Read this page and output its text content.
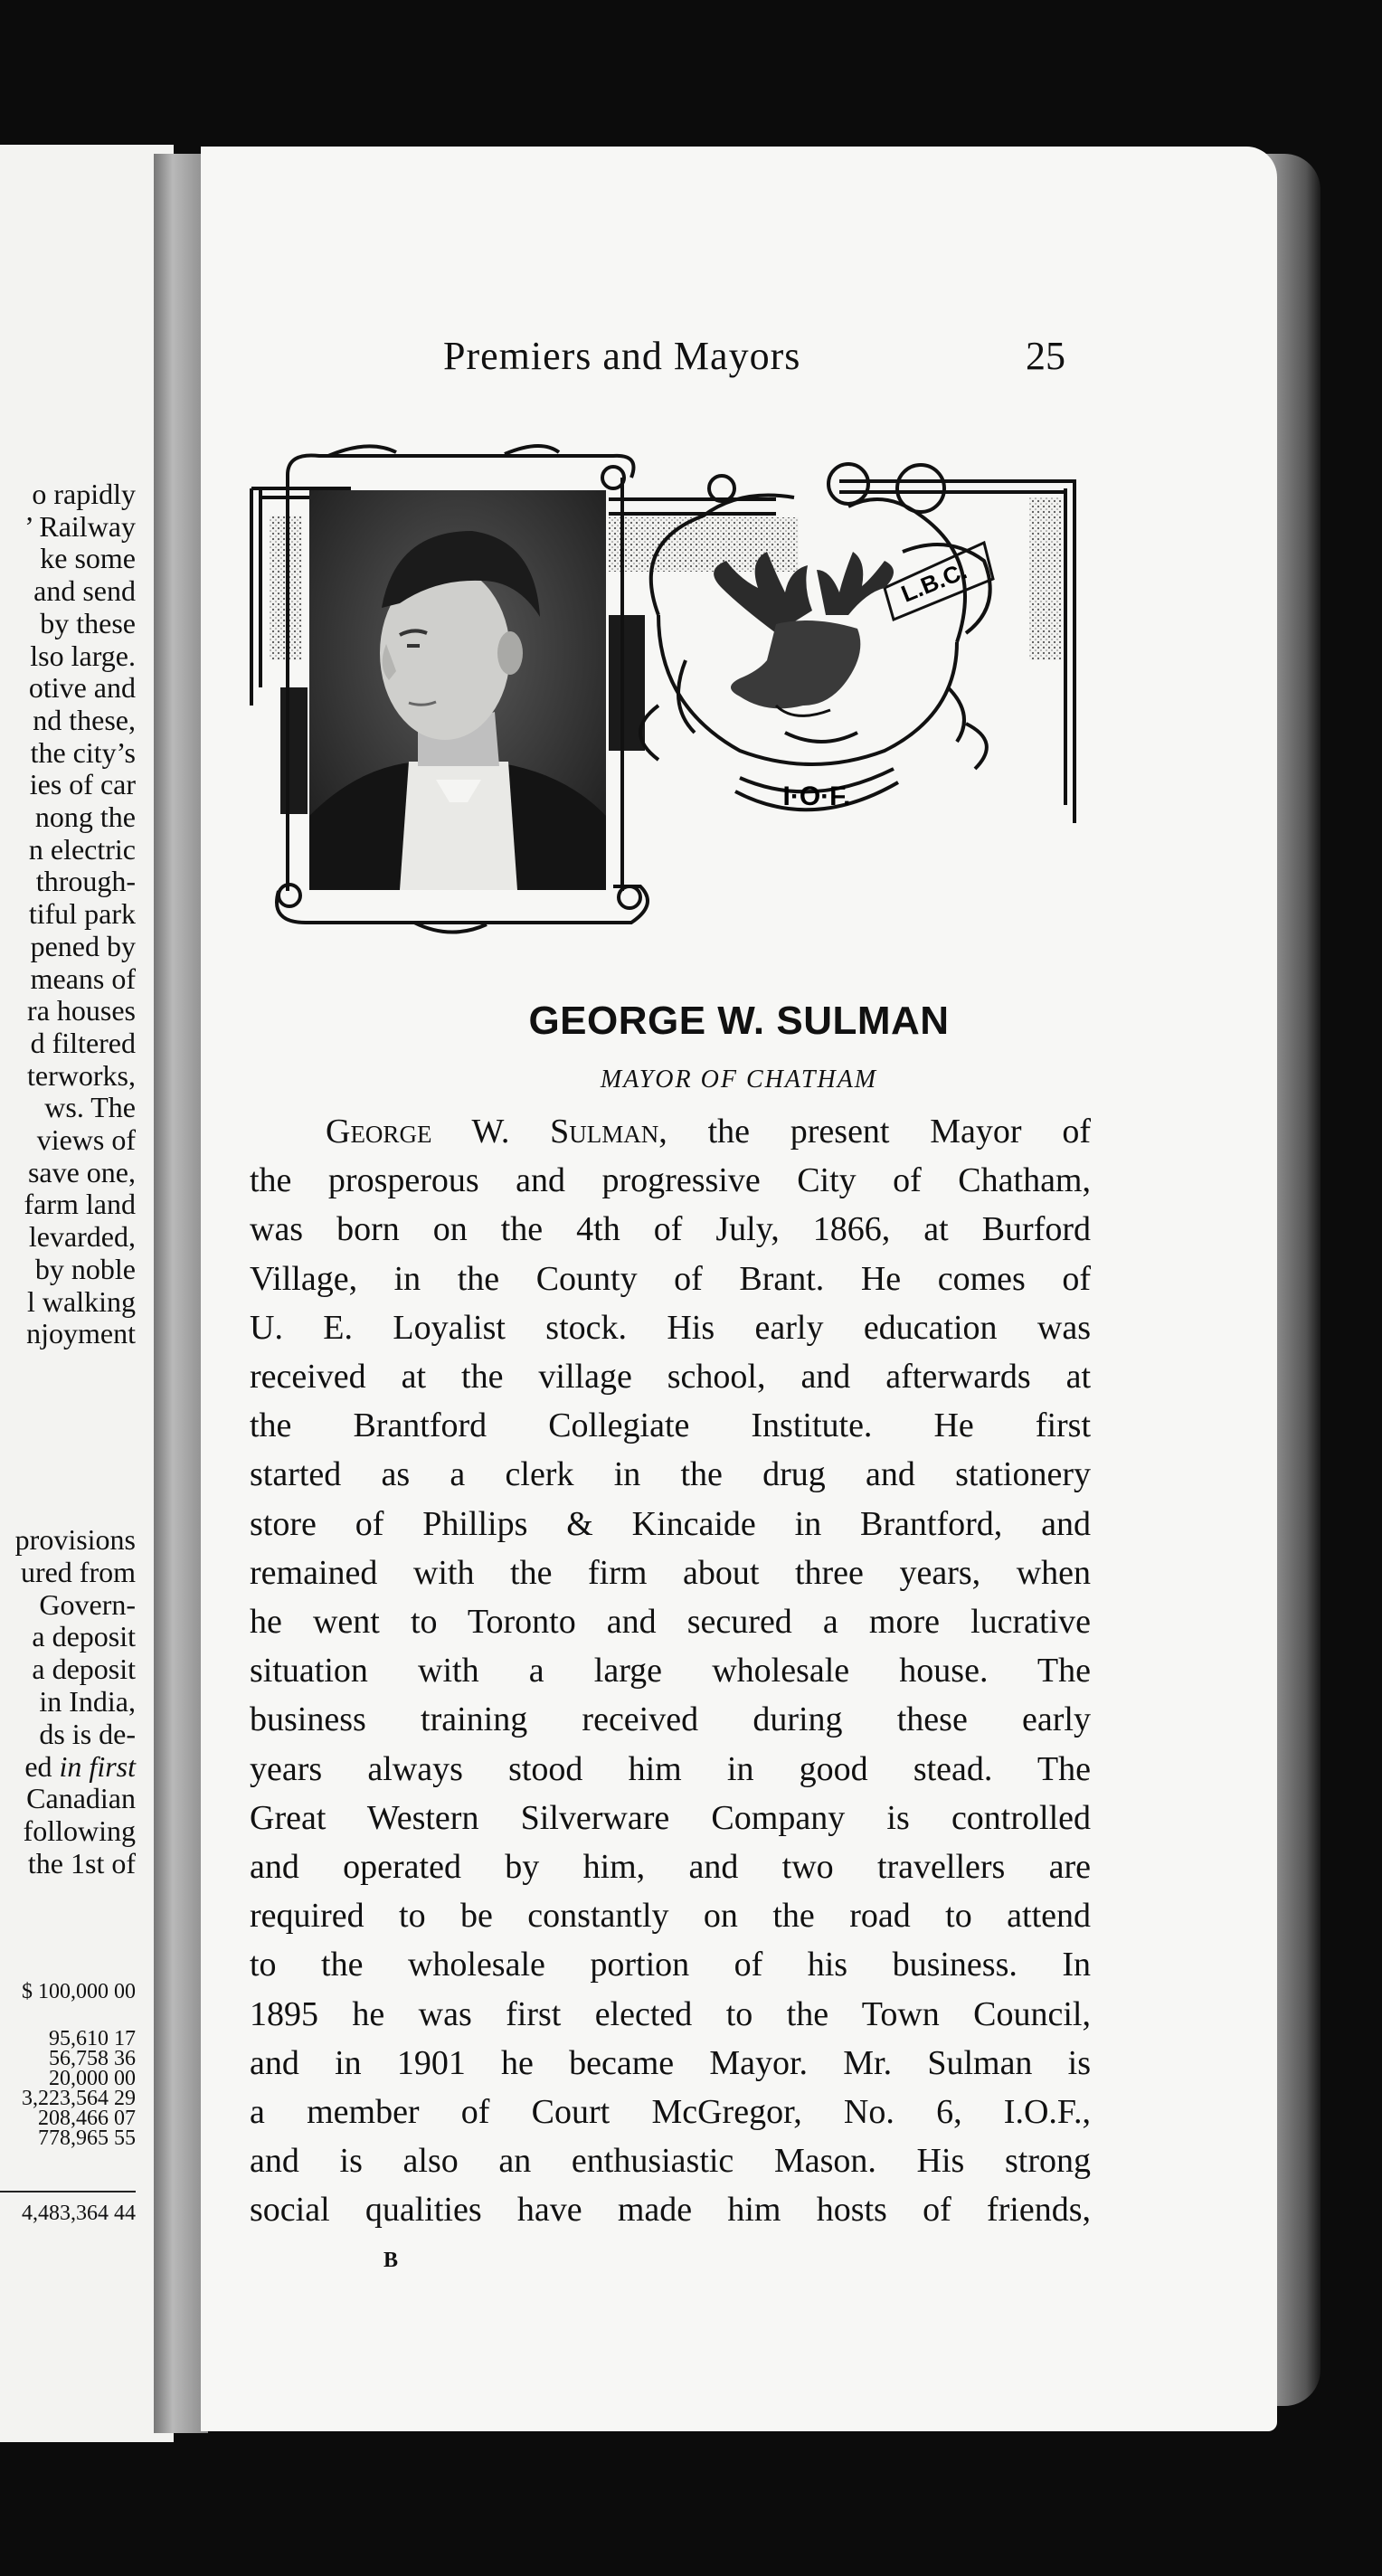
o rapidly
’ Railway
ke some
and send
by these
lso large.
otive and
nd these,
the city’s
ies of car
nong the
n electric
through-
tiful park
pened by
means of
ra houses
d filtered
terworks,
ws. The
views of
save one,
farm land
levarded,
by noble
l walking
njoyment
provisions
ured from
Govern-
a deposit
a deposit
in India,
ds is de-
ed in first
Canadian
following
the 1st of
$ 100,000 00
95,610 17
56,758 36
20,000 00
3,223,564 29
208,466 07
778,965 55
4,483,364 44
Premiers and Mayors	25
L.B.C.
I·O·F.
GEORGE W. SULMAN
MAYOR OF CHATHAM
George W. Sulman, the present Mayor of
the prosperous and progressive City of Chatham,
was born on the 4th of July, 1866, at Burford
Village, in the County of Brant. He comes of
U. E. Loyalist stock. His early education was
received at the village school, and afterwards at
the Brantford Collegiate Institute. He first
started as a clerk in the drug and stationery
store of Phillips & Kincaide in Brantford, and
remained with the firm about three years, when
he went to Toronto and secured a more lucrative
situation with a large wholesale house. The
business training received during these early
years always stood him in good stead. The
Great Western Silverware Company is controlled
and operated by him, and two travellers are
required to be constantly on the road to attend
to the wholesale portion of his business. In
1895 he was first elected to the Town Council,
and in 1901 he became Mayor. Mr. Sulman is
a member of Court McGregor, No. 6, I.O.F.,
and is also an enthusiastic Mason. His strong
social qualities have made him hosts of friends,
B
